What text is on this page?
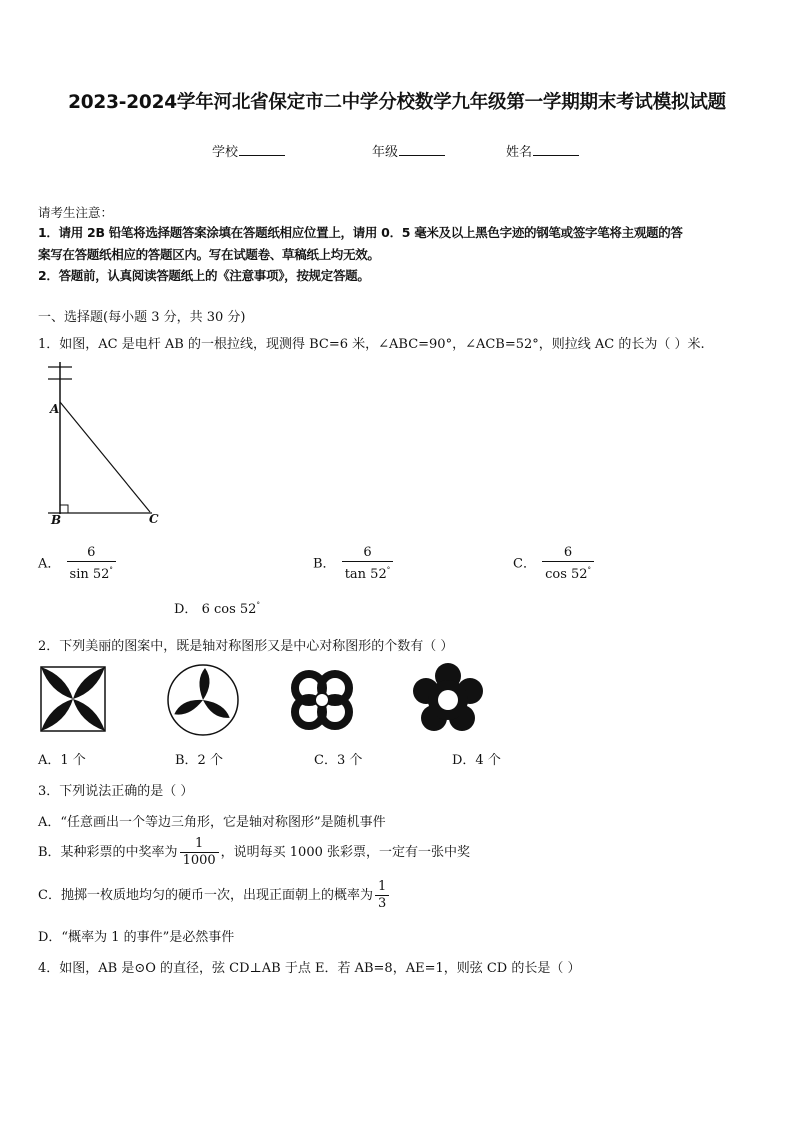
2023-2024学年河北省保定市二中学分校数学九年级第一学期期末考试模拟试题
学校	年级	姓名
请考生注意：
1．请用 2B 铅笔将选择题答案涂填在答题纸相应位置上，请用 0．5 毫米及以上黑色字迹的钢笔或签字笔将主观题的答
案写在答题纸相应的答题区内。写在试题卷、草稿纸上均无效。
2．答题前，认真阅读答题纸上的《注意事项》，按规定答题。
一、选择题(每小题 3 分，共 30 分)
1．如图，AC 是电杆 AB 的一根拉线，现测得 BC=6 米，∠ABC=90°，∠ACB=52°，则拉线 AC 的长为（ ）米.
A
B	C
A． $\frac{6}{\sin 52^\circ}$	B． $\frac{6}{\tan 52^\circ}$	C． $\frac{6}{\cos 52^\circ}$
D． 6 cos 52°
2．下列美丽的图案中，既是轴对称图形又是中心对称图形的个数有（ ）
A．1 个	B．2 个	C．3 个	D．4 个
3．下列说法正确的是（ ）
A．“任意画出一个等边三角形，它是轴对称图形”是随机事件
B．某种彩票的中奖率为 $\frac{1}{1000}$ ，说明每买 1000 张彩票，一定有一张中奖
C．抛掷一枚质地均匀的硬币一次，出现正面朝上的概率为 $\frac{1}{3}$
D．“概率为 1 的事件”是必然事件
4．如图，AB 是⊙O 的直径，弦 CD⊥AB 于点 E．若 AB=8，AE=1，则弦 CD 的长是（ ）
